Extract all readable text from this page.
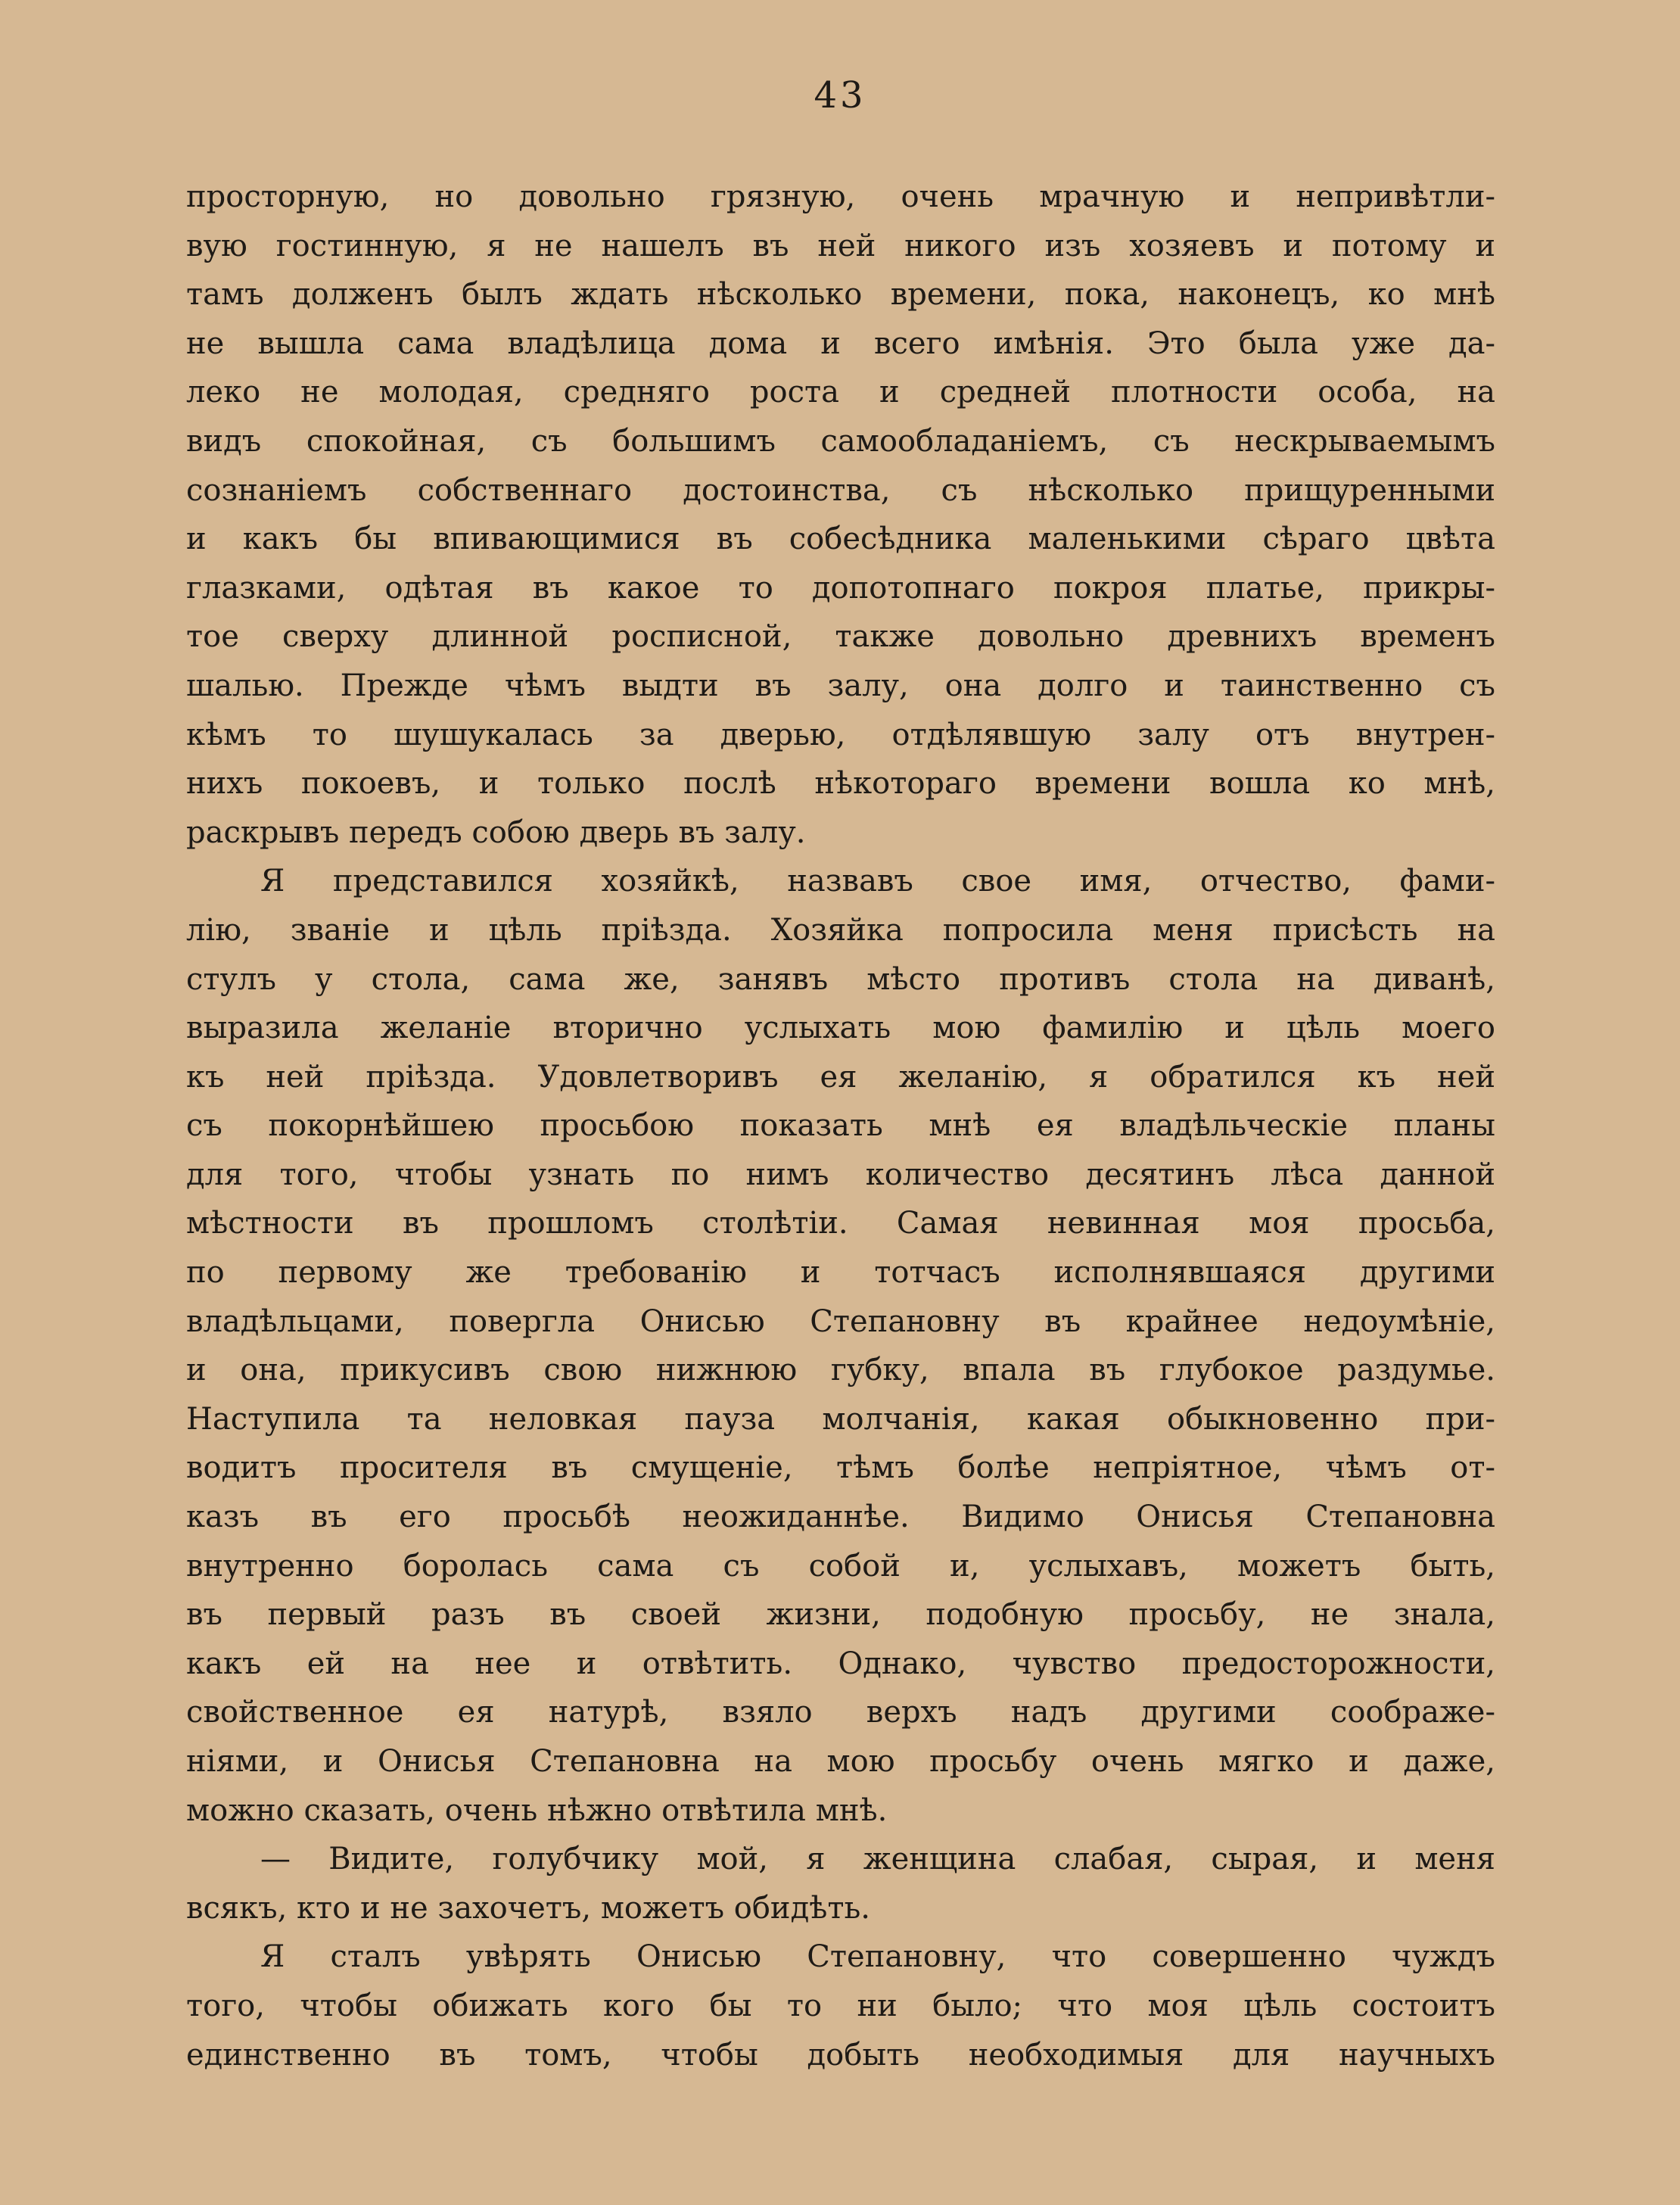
43
просторную, но довольно грязную, очень мрачную и непривѣтли-
вую гостинную, я не нашелъ въ ней никого изъ хозяевъ и потому и
тамъ долженъ былъ ждать нѣсколько времени, пока, наконецъ, ко мнѣ
не вышла сама владѣлица дома и всего имѣнія. Это была уже да-
леко не молодая, средняго роста и средней плотности особа, на
видъ спокойная, съ большимъ самообладаніемъ, съ нескрываемымъ
сознаніемъ собственнаго достоинства, съ нѣсколько прищуренными
и какъ бы впивающимися въ собесѣдника маленькими сѣраго цвѣта
глазками, одѣтая въ какое то допотопнаго покроя платье, прикры-
тое сверху длинной росписной, также довольно древнихъ временъ
шалью. Прежде чѣмъ выдти въ залу, она долго и таинственно съ
кѣмъ то шушукалась за дверью, отдѣлявшую залу отъ внутрен-
нихъ покоевъ, и только послѣ нѣкотораго времени вошла ко мнѣ,
раскрывъ передъ собою дверь въ залу.
Я представился хозяйкѣ, назвавъ свое имя, отчество, фами-
лію, званіе и цѣль пріѣзда. Хозяйка попросила меня присѣсть на
стулъ у стола, сама же, занявъ мѣсто противъ стола на диванѣ,
выразила желаніе вторично услыхать мою фамилію и цѣль моего
къ ней пріѣзда. Удовлетворивъ ея желанію, я обратился къ ней
съ покорнѣйшею просьбою показать мнѣ ея владѣльческіе планы
для того, чтобы узнать по нимъ количество десятинъ лѣса данной
мѣстности въ прошломъ столѣтіи. Самая невинная моя просьба,
по первому же требованію и тотчасъ исполнявшаяся другими
владѣльцами, повергла Онисью Степановну въ крайнее недоумѣніе,
и она, прикусивъ свою нижнюю губку, впала въ глубокое раздумье.
Наступила та неловкая пауза молчанія, какая обыкновенно при-
водитъ просителя въ смущеніе, тѣмъ болѣе непріятное, чѣмъ от-
казъ въ его просьбѣ неожиданнѣе. Видимо Онисья Степановна
внутренно боролась сама съ собой и, услыхавъ, можетъ быть,
въ первый разъ въ своей жизни, подобную просьбу, не знала,
какъ ей на нее и отвѣтить. Однако, чувство предосторожности,
свойственное ея натурѣ, взяло верхъ надъ другими соображе-
ніями, и Онисья Степановна на мою просьбу очень мягко и даже,
можно сказать, очень нѣжно отвѣтила мнѣ.
— Видите, голубчику мой, я женщина слабая, сырая, и меня
всякъ, кто и не захочетъ, можетъ обидѣть.
Я сталъ увѣрять Онисью Степановну, что совершенно чуждъ
того, чтобы обижать кого бы то ни было; что моя цѣль состоитъ
единственно въ томъ, чтобы добыть необходимыя для научныхъ
